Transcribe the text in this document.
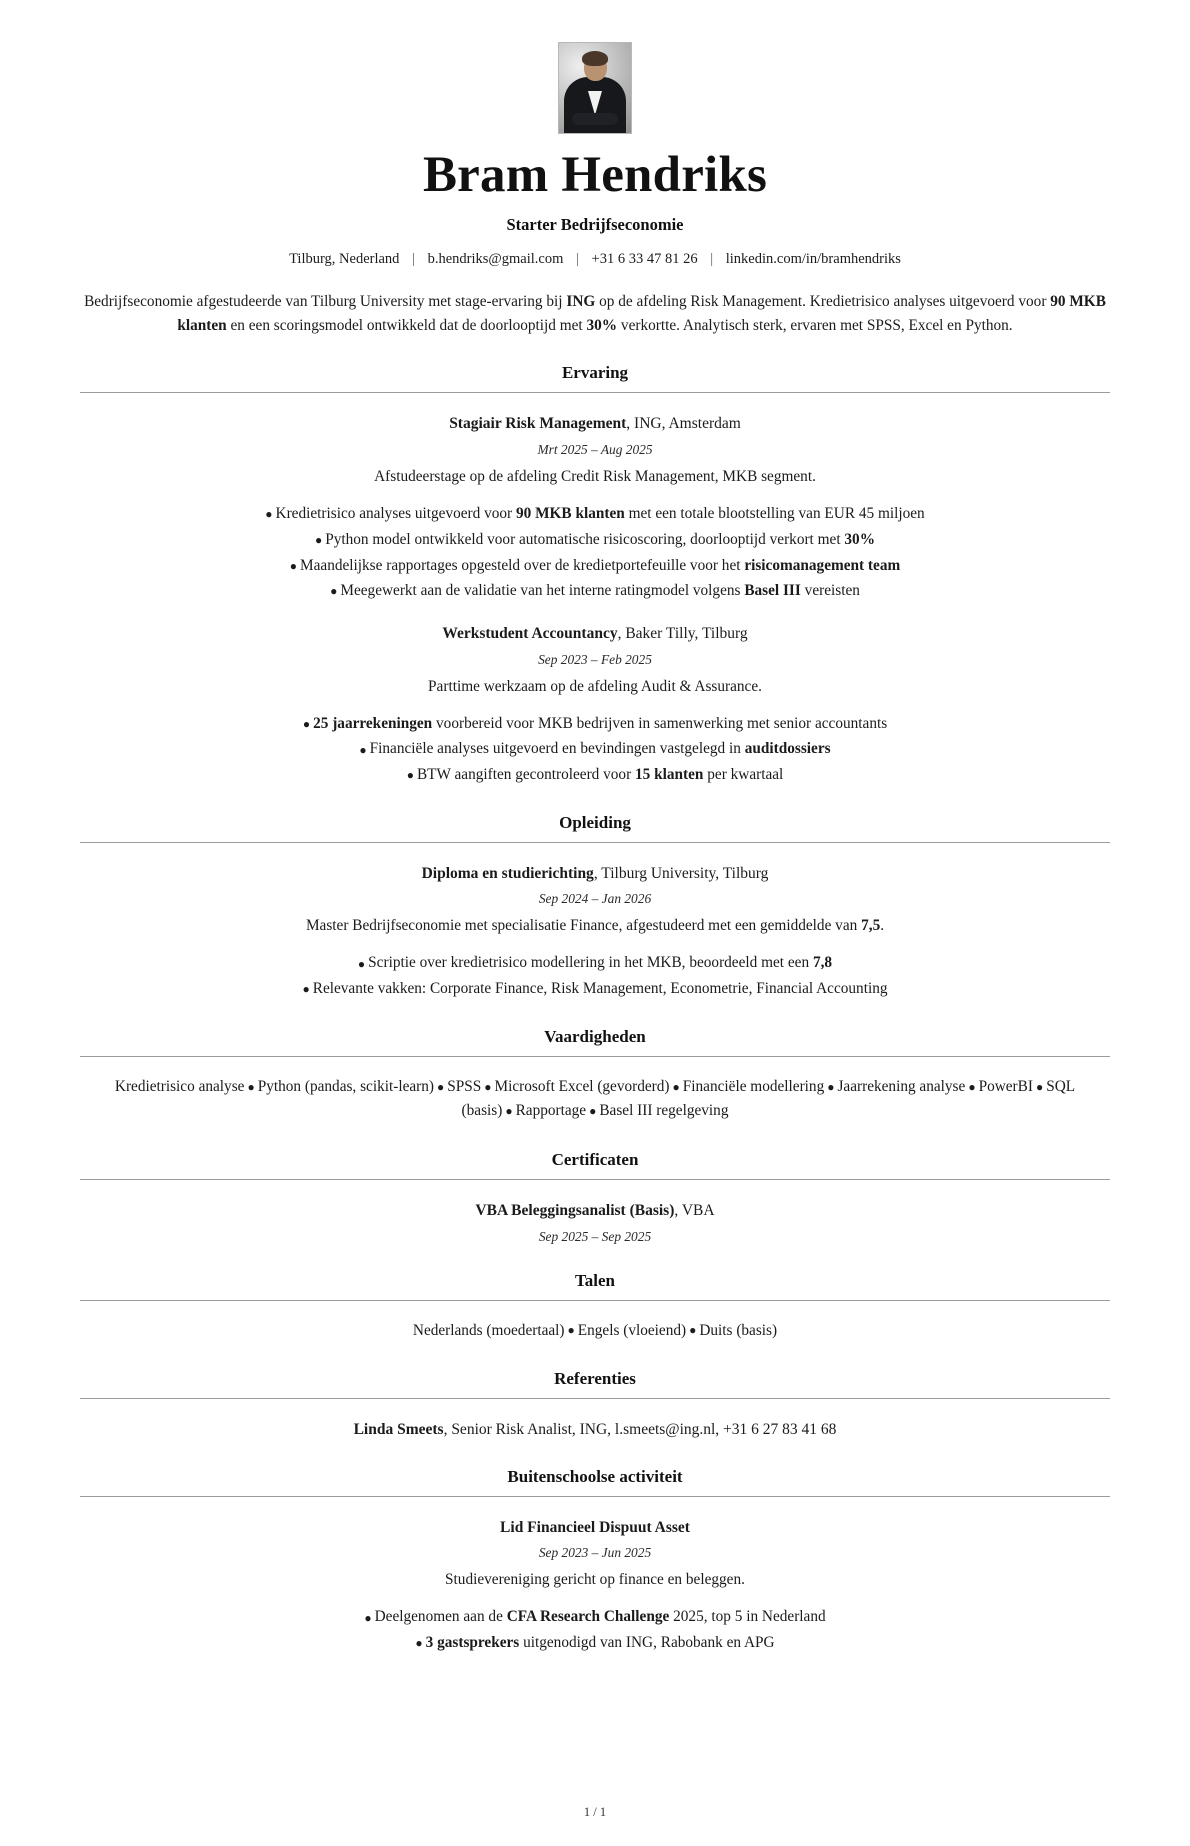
Bram Hendriks
Starter Bedrijfseconomie
Tilburg, Nederland | b.hendriks@gmail.com | +31 6 33 47 81 26 | linkedin.com/in/bramhendriks
Bedrijfseconomie afgestudeerde van Tilburg University met stage-ervaring bij ING op de afdeling Risk Management. Kredietrisico analyses uitgevoerd voor 90 MKB klanten en een scoringsmodel ontwikkeld dat de doorlooptijd met 30% verkortte. Analytisch sterk, ervaren met SPSS, Excel en Python.
Ervaring
Stagiair Risk Management, ING, Amsterdam
Mrt 2025 – Aug 2025
Afstudeerstage op de afdeling Credit Risk Management, MKB segment.
● Kredietrisico analyses uitgevoerd voor 90 MKB klanten met een totale blootstelling van EUR 45 miljoen
● Python model ontwikkeld voor automatische risicoscoring, doorlooptijd verkort met 30%
● Maandelijkse rapportages opgesteld over de kredietportefeuille voor het risicomanagement team
● Meegewerkt aan de validatie van het interne ratingmodel volgens Basel III vereisten
Werkstudent Accountancy, Baker Tilly, Tilburg
Sep 2023 – Feb 2025
Parttime werkzaam op de afdeling Audit & Assurance.
● 25 jaarrekeningen voorbereid voor MKB bedrijven in samenwerking met senior accountants
● Financiële analyses uitgevoerd en bevindingen vastgelegd in auditdossiers
● BTW aangiften gecontroleerd voor 15 klanten per kwartaal
Opleiding
Diploma en studierichting, Tilburg University, Tilburg
Sep 2024 – Jan 2026
Master Bedrijfseconomie met specialisatie Finance, afgestudeerd met een gemiddelde van 7,5.
● Scriptie over kredietrisico modellering in het MKB, beoordeeld met een 7,8
● Relevante vakken: Corporate Finance, Risk Management, Econometrie, Financial Accounting
Vaardigheden
Kredietrisico analyse ● Python (pandas, scikit-learn) ● SPSS ● Microsoft Excel (gevorderd) ● Financiële modellering ● Jaarrekening analyse ● PowerBI ● SQL (basis) ● Rapportage ● Basel III regelgeving
Certificaten
VBA Beleggingsanalist (Basis), VBA
Sep 2025 – Sep 2025
Talen
Nederlands (moedertaal) ● Engels (vloeiend) ● Duits (basis)
Referenties
Linda Smeets, Senior Risk Analist, ING, l.smeets@ing.nl, +31 6 27 83 41 68
Buitenschoolse activiteit
Lid Financieel Dispuut Asset
Sep 2023 – Jun 2025
Studievereniging gericht op finance en beleggen.
● Deelgenomen aan de CFA Research Challenge 2025, top 5 in Nederland
● 3 gastsprekers uitgenodigd van ING, Rabobank en APG
1 / 1
